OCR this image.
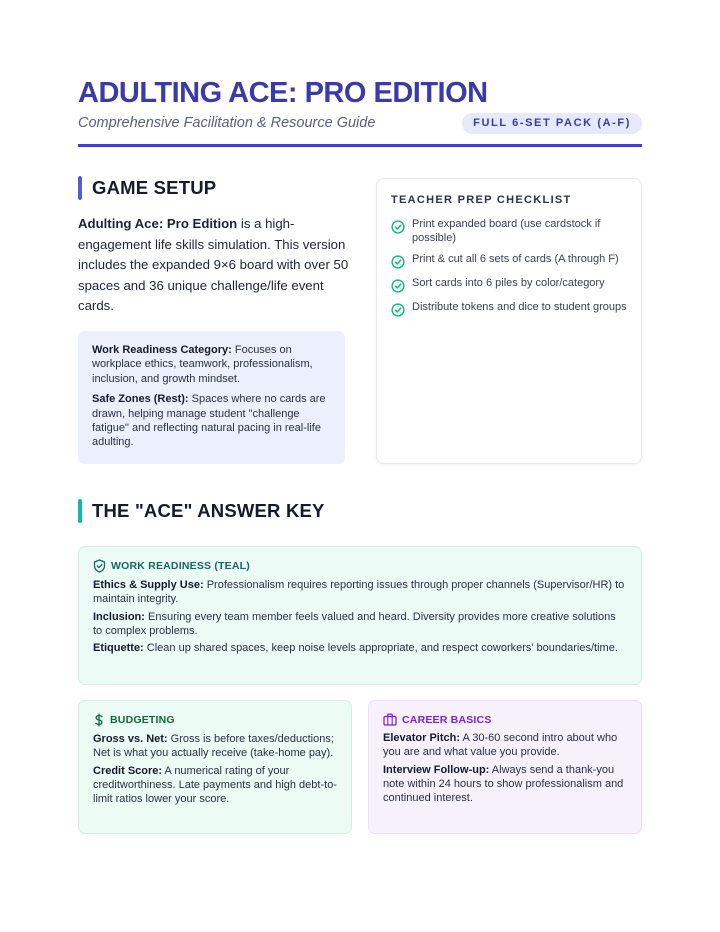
ADULTING ACE: PRO EDITION
Comprehensive Facilitation & Resource Guide	FULL 6-SET PACK (A-F)
GAME SETUP
Adulting Ace: Pro Edition is a high-engagement life skills simulation. This version includes the expanded 9×6 board with over 50 spaces and 36 unique challenge/life event cards.

Work Readiness Category: Focuses on workplace ethics, teamwork, professionalism, inclusion, and growth mindset.

Safe Zones (Rest): Spaces where no cards are drawn, helping manage student "challenge fatigue" and reflecting natural pacing in real-life adulting.

TEACHER PREP CHECKLIST
Print expanded board (use cardstock if possible)
Print & cut all 6 sets of cards (A through F)
Sort cards into 6 piles by color/category
Distribute tokens and dice to student groups
THE "ACE" ANSWER KEY
WORK READINESS (TEAL)

Ethics & Supply Use: Professionalism requires reporting issues through proper channels (Supervisor/HR) to maintain integrity.

Inclusion: Ensuring every team member feels valued and heard. Diversity provides more creative solutions to complex problems.

Etiquette: Clean up shared spaces, keep noise levels appropriate, and respect coworkers' boundaries/time.

BUDGETING

Gross vs. Net: Gross is before taxes/deductions; Net is what you actually receive (take-home pay).

Credit Score: A numerical rating of your creditworthiness. Late payments and high debt-to-limit ratios lower your score.

CAREER BASICS

Elevator Pitch: A 30-60 second intro about who you are and what value you provide.

Interview Follow-up: Always send a thank-you note within 24 hours to show professionalism and continued interest.
